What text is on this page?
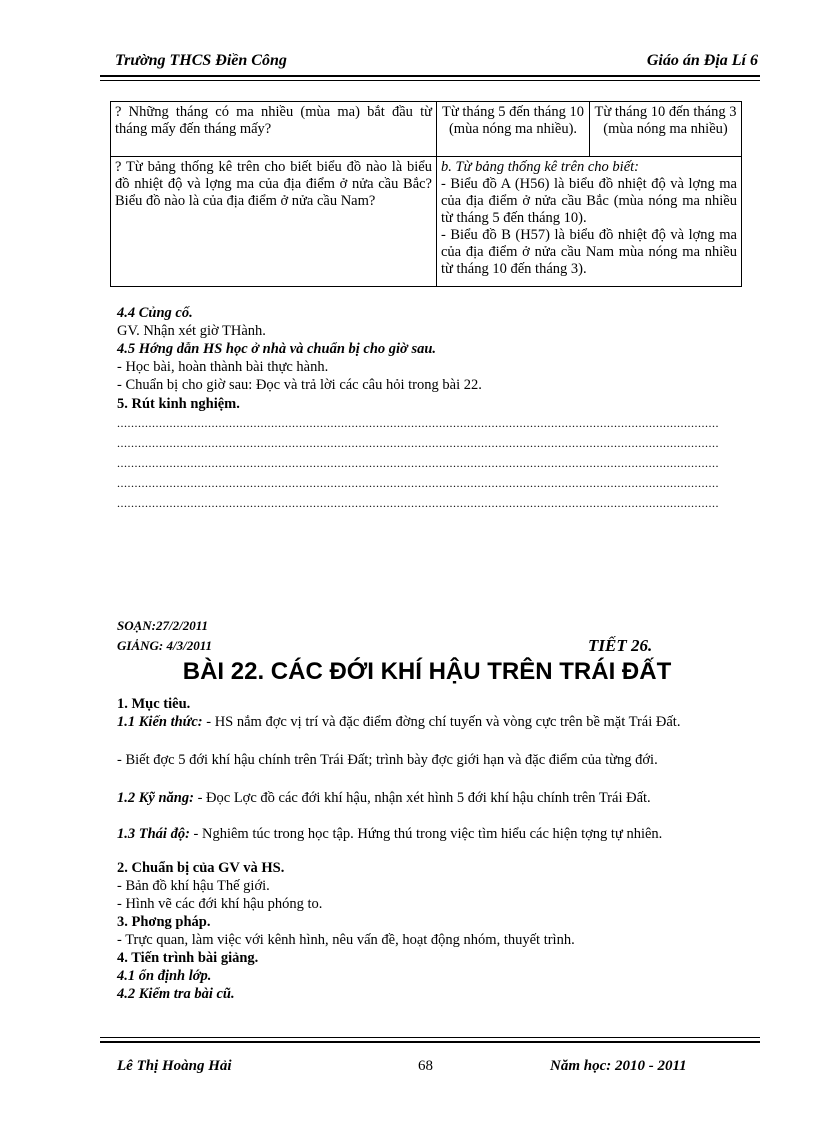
Trường THCS Điền Công	Giáo án Địa Lí 6
? Những tháng có ma nhiều (mùa ma) bắt đầu từ tháng mấy đến tháng mấy?	Từ tháng 5 đến tháng 10 (mùa nóng ma nhiều).	Từ tháng 10 đến tháng 3 (mùa nóng ma nhiều)
? Từ bảng thống kê trên cho biết biểu đồ nào là biểu đồ nhiệt độ và lợng ma của địa điểm ở nửa cầu Bắc? Biểu đồ nào là của địa điểm ở nửa cầu Nam?	b. Từ bảng thống kê trên cho biết:
- Biểu đồ A (H56) là biểu đồ nhiệt độ và lợng ma của địa điểm ở nửa cầu Bắc (mùa nóng ma nhiều từ tháng 5 đến tháng 10).
- Biểu đồ B (H57) là biểu đồ nhiệt độ và lợng ma của địa điểm ở nửa cầu Nam mùa nóng ma nhiều từ tháng 10 đến tháng 3).	
4.4 Củng cố.
GV. Nhận xét giờ THành.
4.5 Hớng dẫn HS học ở nhà và chuẩn bị cho giờ sau.
- Học bài, hoàn thành bài thực hành.
- Chuẩn bị cho giờ sau: Đọc và trả lời các câu hỏi trong bài 22.
5. Rút kinh nghiệm.
............................................................................................................................................................................
............................................................................................................................................................................
............................................................................................................................................................................
............................................................................................................................................................................
............................................................................................................................................................................
SOẠN:27/2/2011
GIẢNG: 4/3/2011	TIẾT 26.
BÀI 22. CÁC ĐỚI KHÍ HẬU TRÊN TRÁI ĐẤT
1. Mục tiêu.
1.1 Kiến thức: - HS nắm đợc vị trí và đặc điểm đờng chí tuyến và vòng cực trên bề mặt Trái Đất.
- Biết đợc 5 đới khí hậu chính trên Trái Đất; trình bày đợc giới hạn và đặc điểm của từng đới.
1.2 Kỹ năng: - Đọc Lợc đồ các đới khí hậu, nhận xét hình 5 đới khí hậu chính trên Trái Đất.
1.3 Thái độ: - Nghiêm túc trong học tập. Hứng thú trong việc tìm hiểu các hiện tợng tự nhiên.
2. Chuẩn bị của GV và HS.
- Bản đồ khí hậu Thế giới.
- Hình vẽ các đới khí hậu phóng to.
3. Phơng pháp.
- Trực quan, làm việc với kênh hình, nêu vấn đề, hoạt động nhóm, thuyết trình.
4. Tiến trình bài giảng.
4.1 ổn định lớp.
4.2 Kiểm tra bài cũ.
Lê Thị Hoàng Hải	68	Năm học: 2010 - 2011
